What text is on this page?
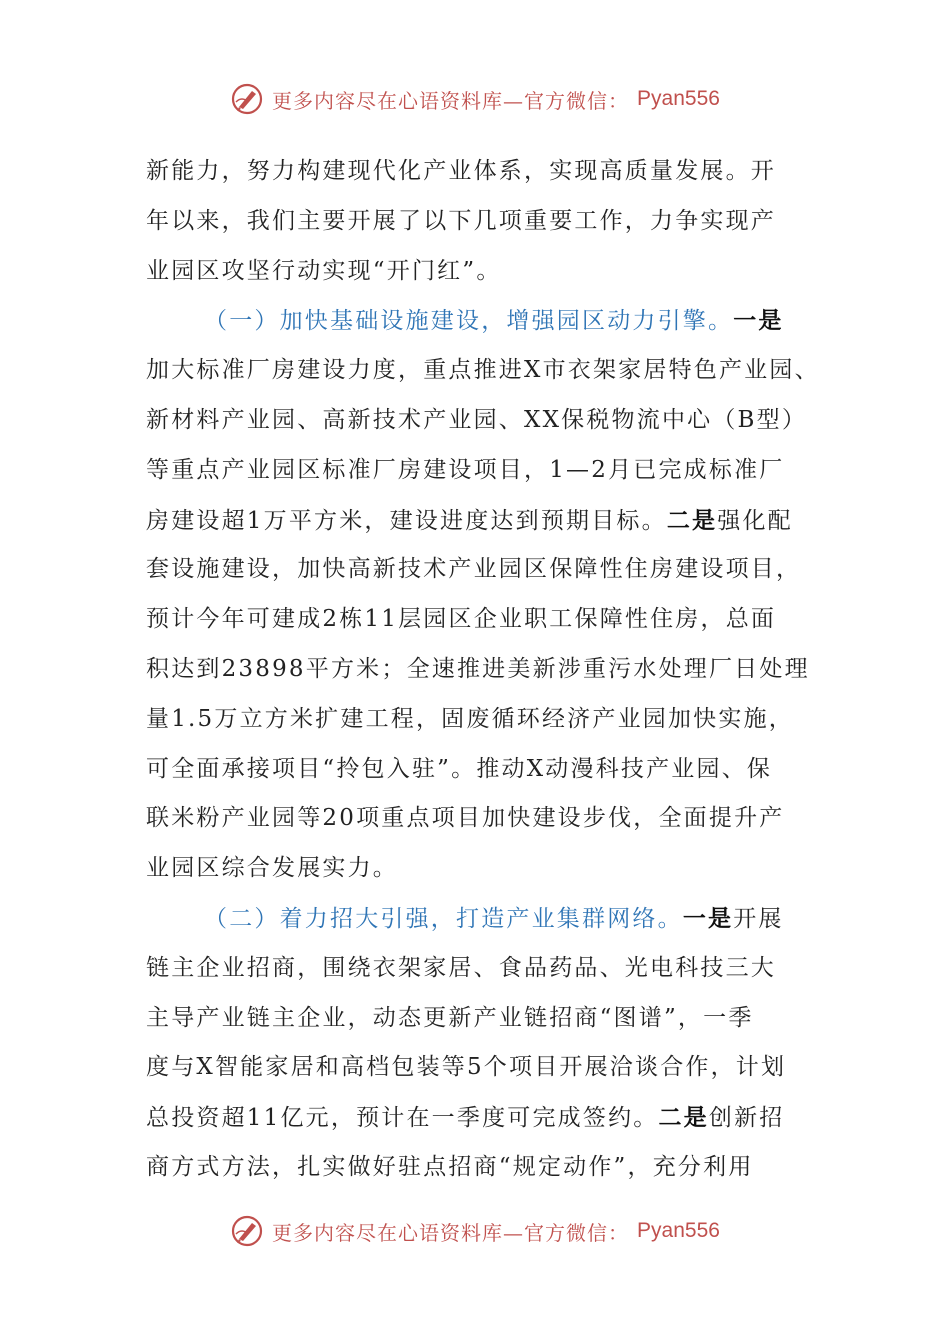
更多内容尽在心语资料库—官方微信： Pyan556
新能力，努力构建现代化产业体系，实现高质量发展。开
年以来，我们主要开展了以下几项重要工作，力争实现产
业园区攻坚行动实现“开门红”。
（一）加快基础设施建设，增强园区动力引擎。一是
加大标准厂房建设力度，重点推进X市衣架家居特色产业园、
新材料产业园、高新技术产业园、XX保税物流中心（B型）
等重点产业园区标准厂房建设项目，1—2月已完成标准厂
房建设超1万平方米，建设进度达到预期目标。二是强化配
套设施建设，加快高新技术产业园区保障性住房建设项目，
预计今年可建成2栋11层园区企业职工保障性住房，总面
积达到23898平方米；全速推进美新涉重污水处理厂日处理
量1.5万立方米扩建工程，固废循环经济产业园加快实施，
可全面承接项目“拎包入驻”。推动X动漫科技产业园、保
联米粉产业园等20项重点项目加快建设步伐，全面提升产
业园区综合发展实力。
（二）着力招大引强，打造产业集群网络。一是开展
链主企业招商，围绕衣架家居、食品药品、光电科技三大
主导产业链主企业，动态更新产业链招商“图谱”，一季
度与X智能家居和高档包装等5个项目开展洽谈合作，计划
总投资超11亿元，预计在一季度可完成签约。二是创新招
商方式方法，扎实做好驻点招商“规定动作”，充分利用
更多内容尽在心语资料库—官方微信： Pyan556
